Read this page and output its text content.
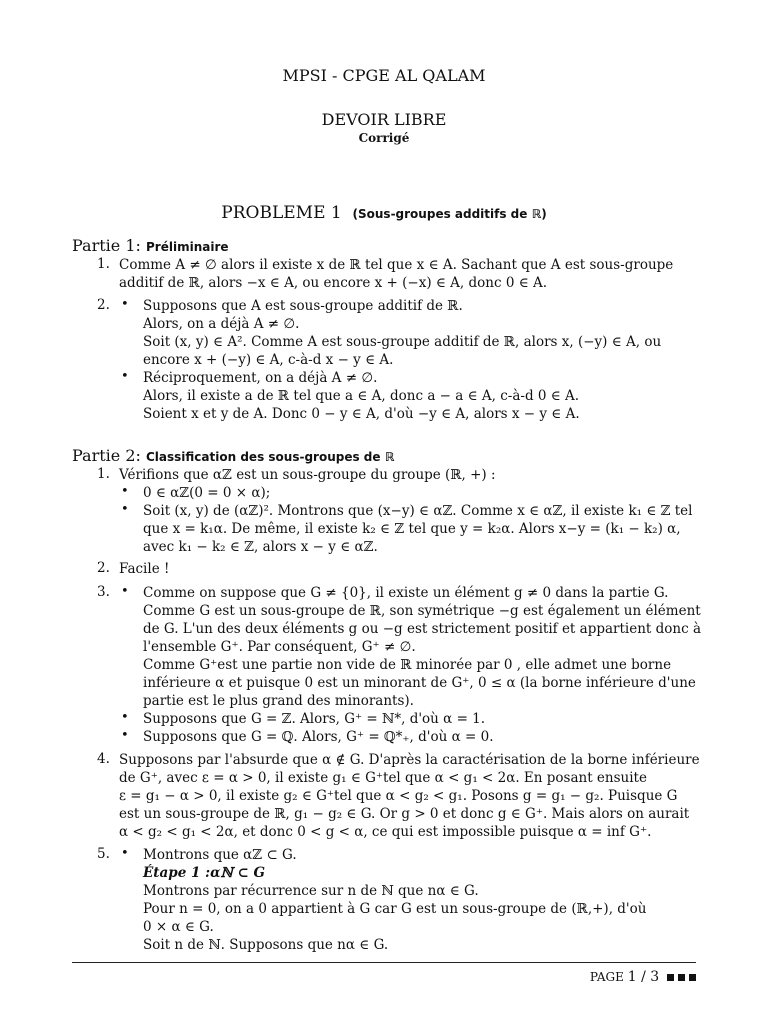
MPSI - CPGE AL QALAM
DEVOIR LIBRE
Corrigé
PROBLEME 1 (Sous-groupes additifs de ℝ)
Partie 1: Préliminaire
1. Comme A ≠ ∅ alors il existe x de ℝ tel que x ∈ A. Sachant que A est sous-groupe
additif de ℝ, alors −x ∈ A, ou encore x + (−x) ∈ A, donc 0 ∈ A.
2. • Supposons que A est sous-groupe additif de ℝ.
Alors, on a déjà A ≠ ∅.
Soit (x, y) ∈ A². Comme A est sous-groupe additif de ℝ, alors x, (−y) ∈ A, ou
encore x + (−y) ∈ A, c-à-d x − y ∈ A.
• Réciproquement, on a déjà A ≠ ∅.
Alors, il existe a de ℝ tel que a ∈ A, donc a − a ∈ A, c-à-d 0 ∈ A.
Soient x et y de A. Donc 0 − y ∈ A, d'où −y ∈ A, alors x − y ∈ A.
Partie 2: Classification des sous-groupes de ℝ
1. Vérifions que αℤ est un sous-groupe du groupe (ℝ, +) :
• 0 ∈ αℤ(0 = 0 × α);
• Soit (x, y) de (αℤ)². Montrons que (x−y) ∈ αℤ. Comme x ∈ αℤ, il existe k₁ ∈ ℤ tel
que x = k₁α. De même, il existe k₂ ∈ ℤ tel que y = k₂α. Alors x−y = (k₁ − k₂) α,
avec k₁ − k₂ ∈ ℤ, alors x − y ∈ αℤ.
2. Facile !
3. • Comme on suppose que G ≠ {0}, il existe un élément g ≠ 0 dans la partie G.
Comme G est un sous-groupe de ℝ, son symétrique −g est également un élément
de G. L'un des deux éléments g ou −g est strictement positif et appartient donc à
l'ensemble G⁺. Par conséquent, G⁺ ≠ ∅.
Comme G⁺est une partie non vide de ℝ minorée par 0 , elle admet une borne
inférieure α et puisque 0 est un minorant de G⁺, 0 ≤ α (la borne inférieure d'une
partie est le plus grand des minorants).
• Supposons que G = ℤ. Alors, G⁺ = ℕ*, d'où α = 1.
• Supposons que G = ℚ. Alors, G⁺ = ℚ*₊, d'où α = 0.
4. Supposons par l'absurde que α ∉ G. D'après la caractérisation de la borne inférieure
de G⁺, avec ε = α > 0, il existe g₁ ∈ G⁺tel que α < g₁ < 2α. En posant ensuite
ε = g₁ − α > 0, il existe g₂ ∈ G⁺tel que α < g₂ < g₁. Posons g = g₁ − g₂. Puisque G
est un sous-groupe de ℝ, g₁ − g₂ ∈ G. Or g > 0 et donc g ∈ G⁺. Mais alors on aurait
α < g₂ < g₁ < 2α, et donc 0 < g < α, ce qui est impossible puisque α = inf G⁺.
5. • Montrons que αℤ ⊂ G.
Étape 1 :αℕ ⊂ G
Montrons par récurrence sur n de ℕ que nα ∈ G.
Pour n = 0, on a 0 appartient à G car G est un sous-groupe de (ℝ,+), d'où
0 × α ∈ G.
Soit n de ℕ. Supposons que nα ∈ G.
PAGE 1 / 3
